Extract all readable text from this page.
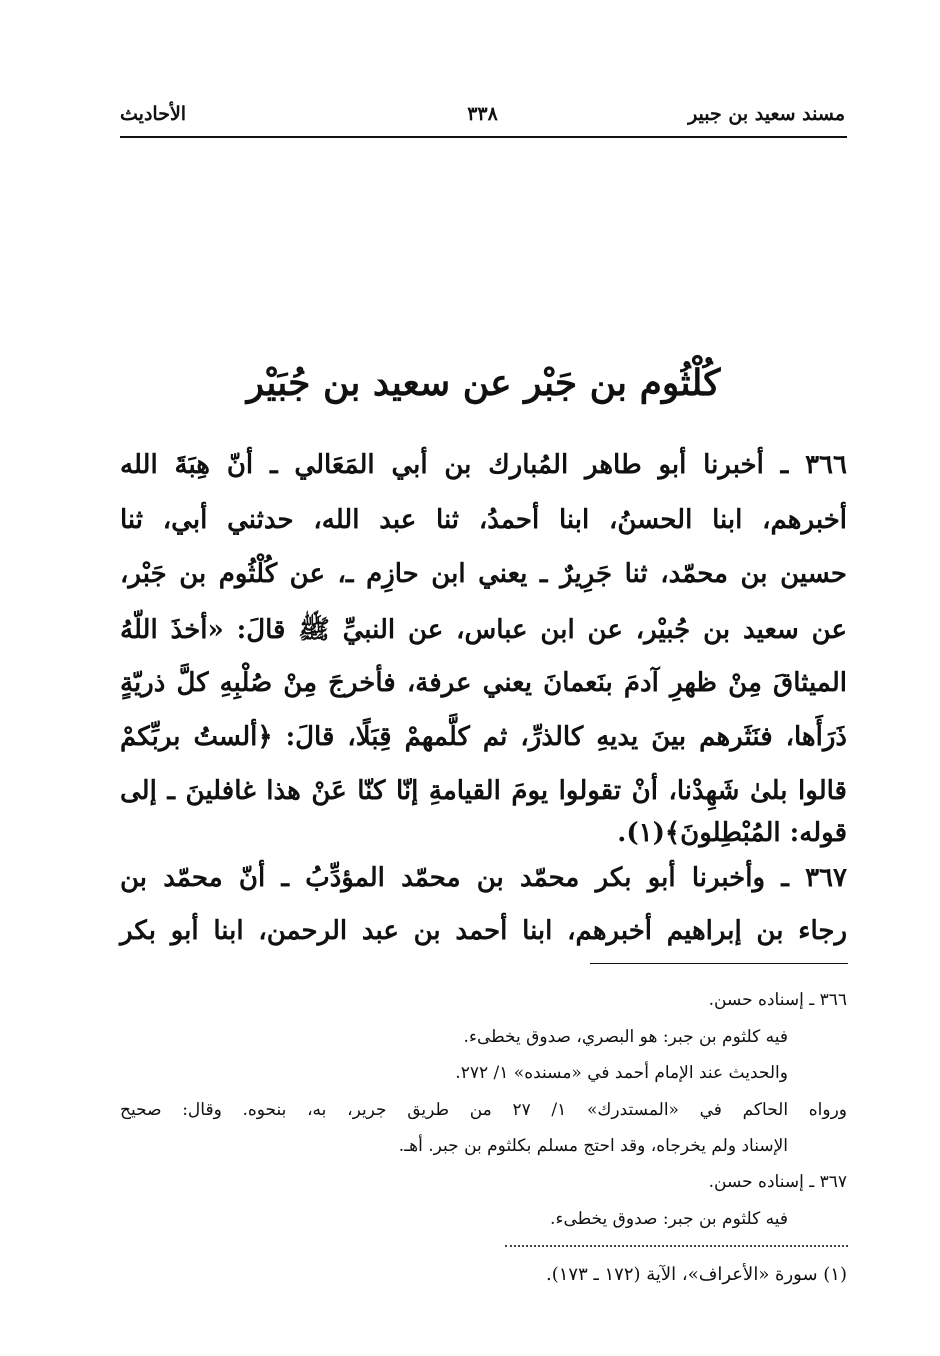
مسند سعيد بن جبير
٣٣٨
الأحاديث
كُلْثُوم بن جَبْر عن سعيد بن جُبَيْر
٣٦٦ ـ أخبرنا أبو طاهر المُبارك بن أبي المَعَالي ـ أنّ هِبَةَ الله
أخبرهم، ابنا الحسنُ، ابنا أحمدُ، ثنا عبد الله، حدثني أبي، ثنا
حسين بن محمّد، ثنا جَرِيرٌ ـ يعني ابن حازِم ـ، عن كُلْثُوم بن جَبْر،
عن سعيد بن جُبيْر، عن ابن عباس، عن النبيِّ ﷺ قالَ: «أخذَ اللّهُ
الميثاقَ مِنْ ظهرِ آدمَ بنَعمانَ يعني عرفة، فأخرجَ مِنْ صُلْبِهِ كلَّ ذريّةٍ
ذَرَأَها، فنَثَرهم بينَ يديهِ كالذرِّ، ثم كلَّمهمْ قِبَلًا، قالَ: ﴿ألستُ بربِّكمْ
قالوا بلىٰ شَهِدْنا، أنْ تقولوا يومَ القيامةِ إنّا كنّا عَنْ هذا غافلينَ ـ إلى
قوله: المُبْطِلونَ﴾(١).
٣٦٧ ـ وأخبرنا أبو بكر محمّد بن محمّد المؤدِّبُ ـ أنّ محمّد بن
رجاء بن إبراهيم أخبرهم، ابنا أحمد بن عبد الرحمن، ابنا أبو بكر
٣٦٦ ـ إسناده حسن.
فيه كلثوم بن جبر: هو البصري، صدوق يخطىء.
والحديث عند الإمام أحمد في «مسنده» ١/ ٢٧٢.
ورواه الحاكم في «المستدرك» ١/ ٢٧ من طريق جرير، به، بنحوه. وقال: صحيح
الإسناد ولم يخرجاه، وقد احتج مسلم بكلثوم بن جبر. أهـ.
٣٦٧ ـ إسناده حسن.
فيه كلثوم بن جبر: صدوق يخطىء.
(١) سورة «الأعراف»، الآية (١٧٢ ـ ١٧٣).
